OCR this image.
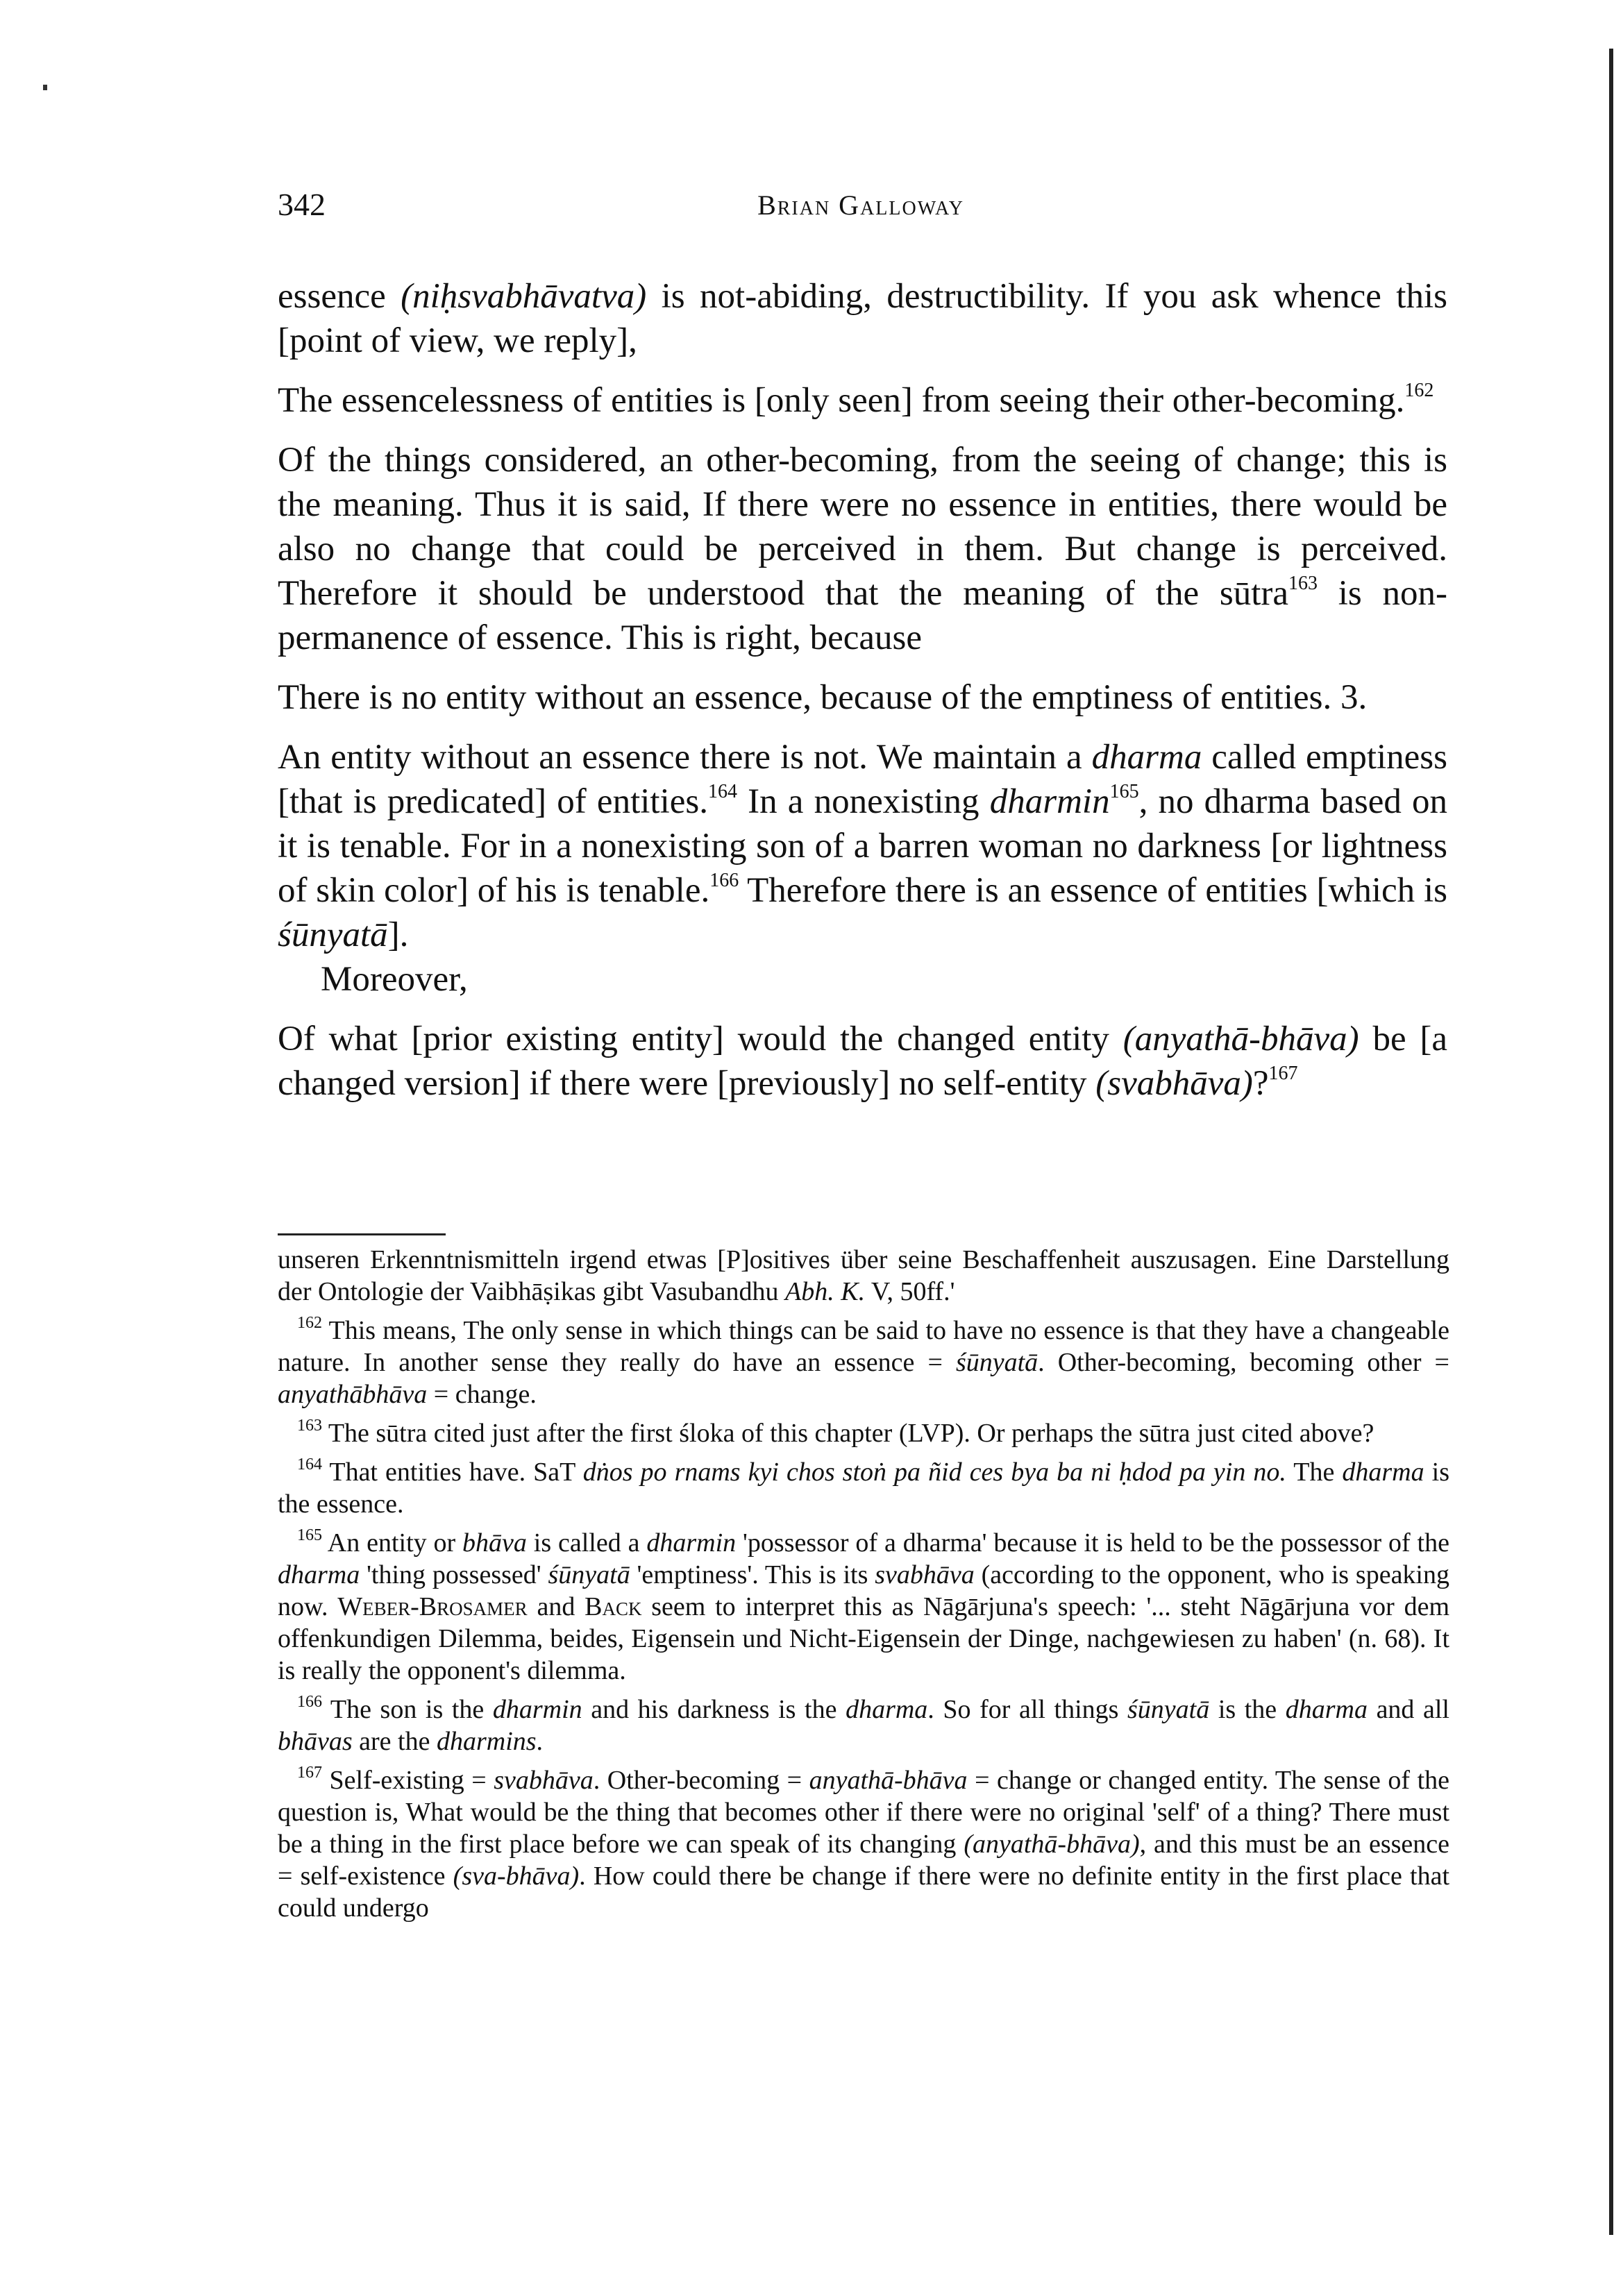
342	Brian Galloway

essence (niḥsvabhāvatva) is not-abiding, destructibility. If you ask whence this [point of view, we reply],

The essencelessness of entities is [only seen] from seeing their other-becoming.$^{162}$

Of the things considered, an other-becoming, from the seeing of change; this is the meaning. Thus it is said, If there were no essence in entities, there would be also no change that could be perceived in them. But change is perceived. Therefore it should be understood that the meaning of the sūtra$^{163}$ is non-permanence of essence. This is right, because

There is no entity without an essence, because of the emptiness of entities. 3.

An entity without an essence there is not. We maintain a dharma called emptiness [that is predicated] of entities.$^{164}$ In a nonexisting dharmin$^{165}$, no dharma based on it is tenable. For in a nonexisting son of a barren woman no darkness [or lightness of skin color] of his is tenable.$^{166}$ Therefore there is an essence of entities [which is śūnyatā].

Moreover,

Of what [prior existing entity] would the changed entity (anyathā-bhāva) be [a changed version] if there were [previously] no self-entity (svabhāva)?$^{167}$

unseren Erkenntnismitteln irgend etwas [P]ositives über seine Beschaffenheit auszusagen. Eine Darstellung der Ontologie der Vaibhāṣikas gibt Vasubandhu Abh. K. V, 50ff.'

$^{162}$ This means, The only sense in which things can be said to have no essence is that they have a changeable nature. In another sense they really do have an essence = śūnyatā. Other-becoming, becoming other = anyathābhāva = change.

$^{163}$ The sūtra cited just after the first śloka of this chapter (LVP). Or perhaps the sūtra just cited above?

$^{164}$ That entities have. SaT dṅos po rnams kyi chos stoṅ pa ñid ces bya ba ni ḥdod pa yin no. The dharma is the essence.

$^{165}$ An entity or bhāva is called a dharmin 'possessor of a dharma' because it is held to be the possessor of the dharma 'thing possessed' śūnyatā 'emptiness'. This is its svabhāva (according to the opponent, who is speaking now. Weber-Brosamer and Back seem to interpret this as Nāgārjuna's speech: '... steht Nāgārjuna vor dem offenkundigen Dilemma, beides, Eigensein und Nicht-Eigensein der Dinge, nachgewiesen zu haben' (n. 68). It is really the opponent's dilemma.

$^{166}$ The son is the dharmin and his darkness is the dharma. So for all things śūnyatā is the dharma and all bhāvas are the dharmins.

$^{167}$ Self-existing = svabhāva. Other-becoming = anyathā-bhāva = change or changed entity. The sense of the question is, What would be the thing that becomes other if there were no original 'self' of a thing? There must be a thing in the first place before we can speak of its changing (anyathā-bhāva), and this must be an essence = self-existence (sva-bhāva). How could there be change if there were no definite entity in the first place that could undergo
